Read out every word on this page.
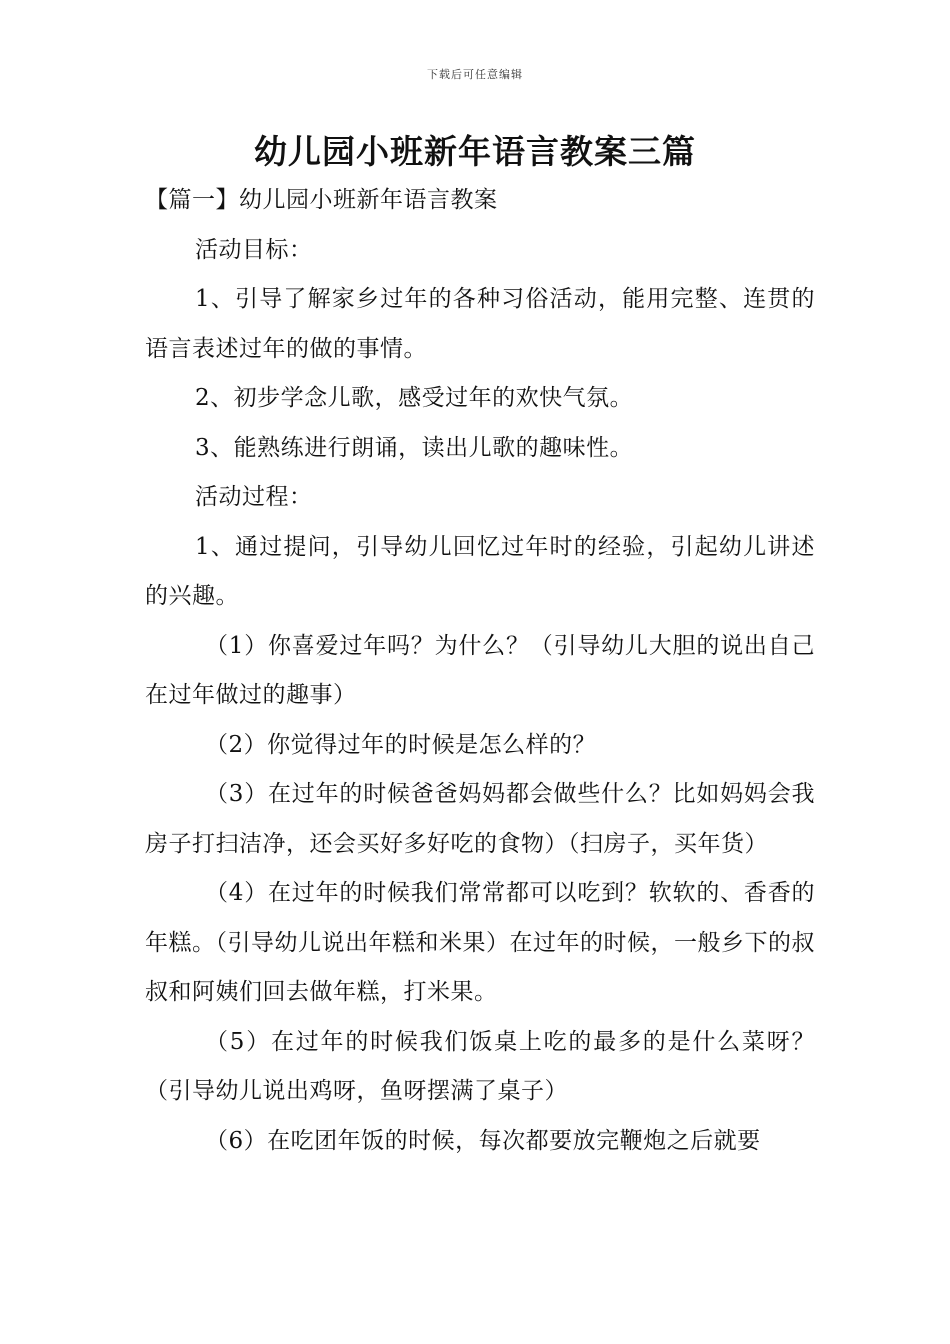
下载后可任意编辑
幼儿园小班新年语言教案三篇

【篇一】幼儿园小班新年语言教案

活动目标：

1、引导了解家乡过年的各种习俗活动，能用完整、连贯的语言表述过年的做的事情。

2、初步学念儿歌，感受过年的欢快气氛。

3、能熟练进行朗诵，读出儿歌的趣味性。

活动过程：

1、通过提问，引导幼儿回忆过年时的经验，引起幼儿讲述的兴趣。

（1）你喜爱过年吗？为什么？（引导幼儿大胆的说出自己在过年做过的趣事）

（2）你觉得过年的时候是怎么样的？

（3）在过年的时候爸爸妈妈都会做些什么？比如妈妈会我房子打扫洁净，还会买好多好吃的食物）（扫房子，买年货）

（4）在过年的时候我们常常都可以吃到？软软的、香香的年糕。（引导幼儿说出年糕和米果）在过年的时候，一般乡下的叔叔和阿姨们回去做年糕，打米果。

（5）在过年的时候我们饭桌上吃的最多的是什么菜呀？（引导幼儿说出鸡呀，鱼呀摆满了桌子）

（6）在吃团年饭的时候，每次都要放完鞭炮之后就要
